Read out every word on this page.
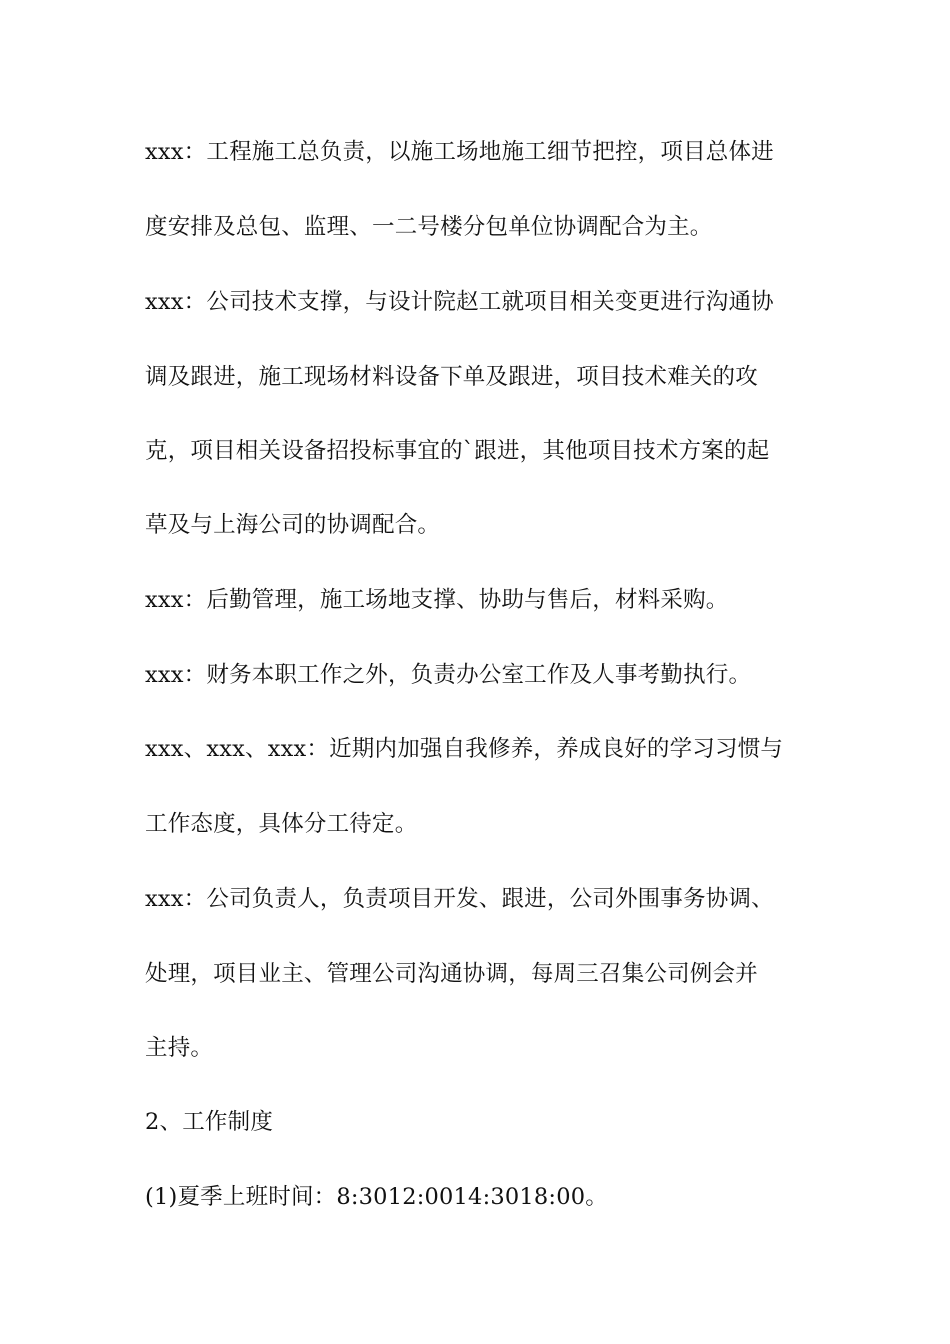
xxx：工程施工总负责，以施工场地施工细节把控，项目总体进
度安排及总包、监理、一二号楼分包单位协调配合为主。
xxx：公司技术支撑，与设计院赵工就项目相关变更进行沟通协
调及跟进，施工现场材料设备下单及跟进，项目技术难关的攻
克，项目相关设备招投标事宜的`跟进，其他项目技术方案的起
草及与上海公司的协调配合。
xxx：后勤管理，施工场地支撑、协助与售后，材料采购。
xxx：财务本职工作之外，负责办公室工作及人事考勤执行。
xxx、xxx、xxx：近期内加强自我修养，养成良好的学习习惯与
工作态度，具体分工待定。
xxx：公司负责人，负责项目开发、跟进，公司外围事务协调、
处理，项目业主、管理公司沟通协调，每周三召集公司例会并
主持。
2、工作制度
(1)夏季上班时间：8:3012:0014:3018:00。
